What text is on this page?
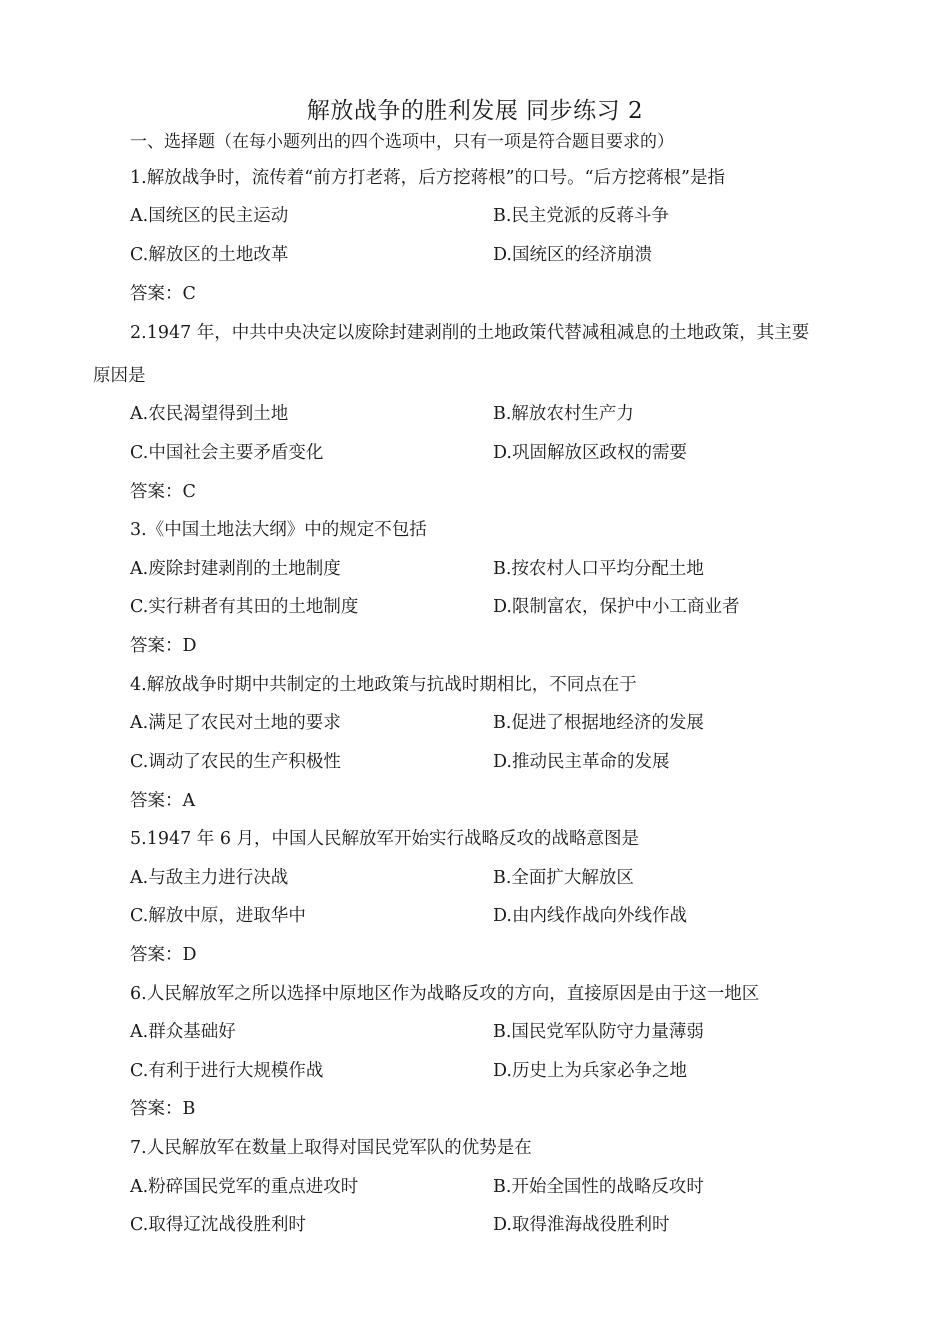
解放战争的胜利发展 同步练习 2
一、选择题（在每小题列出的四个选项中，只有一项是符合题目要求的）
1.解放战争时，流传着“前方打老蒋，后方挖蒋根”的口号。“后方挖蒋根”是指
A.国统区的民主运动	B.民主党派的反蒋斗争
C.解放区的土地改革	D.国统区的经济崩溃
答案：C
2.1947 年，中共中央决定以废除封建剥削的土地政策代替减租减息的土地政策，其主要
原因是
A.农民渴望得到土地	B.解放农村生产力
C.中国社会主要矛盾变化	D.巩固解放区政权的需要
答案：C
3.《中国土地法大纲》中的规定不包括
A.废除封建剥削的土地制度	B.按农村人口平均分配土地
C.实行耕者有其田的土地制度	D.限制富农，保护中小工商业者
答案：D
4.解放战争时期中共制定的土地政策与抗战时期相比，不同点在于
A.满足了农民对土地的要求	B.促进了根据地经济的发展
C.调动了农民的生产积极性	D.推动民主革命的发展
答案：A
5.1947 年 6 月，中国人民解放军开始实行战略反攻的战略意图是
A.与敌主力进行决战	B.全面扩大解放区
C.解放中原，进取华中	D.由内线作战向外线作战
答案：D
6.人民解放军之所以选择中原地区作为战略反攻的方向，直接原因是由于这一地区
A.群众基础好	B.国民党军队防守力量薄弱
C.有利于进行大规模作战	D.历史上为兵家必争之地
答案：B
7.人民解放军在数量上取得对国民党军队的优势是在
A.粉碎国民党军的重点进攻时	B.开始全国性的战略反攻时
C.取得辽沈战役胜利时	D.取得淮海战役胜利时
